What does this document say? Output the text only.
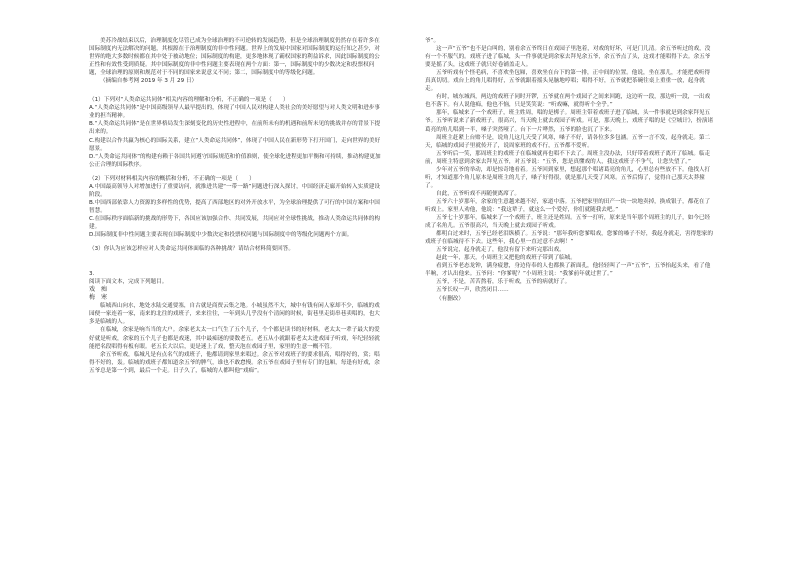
美苏冷战结束以后，治理制度化尽管已成为全球治理的不可逆转的发展趋势，但是全球治理制度仍然存在着许多在国际制度内无法解决的问题，其根源在于治理制度的非中性问题。世界上的发展中国家对国际制度的运行知之甚少，对世界的绝大多数时候都在其中处于被动地位；国际制度的构建，更多地体现了霸权国家的利益诉求，因此国际制度的公正性和有效性受到质疑。其中国际制度的非中性问题主要表现在两个方面：第一，国际制度中的少数决定和投票权问题，全球治理的原则和规范对于不同的国家来说意义不同；第二，国际制度中的等级化问题。

（摘编自参考网 2019 年 3 月 29 日）

（1）下列对“人类命运共同体”相关内容的理解和分析，不正确的一项是（　　）

A.“人类命运共同体”是中国高级领导人最早提出的，体现了中国人民对构建人类社会的美好愿望与对人类文明和进步事业的担当精神。

B.“人类命运共同体”是在世界格局发生深刻变化的历史性进程中，在前所未有的机遇和前所未见的挑战并存的背景下提出来的。

C.构建以合作共赢为核心的国际关系，建立“人类命运共同体”，体现了中国人民在新形势下打开国门，走向世界的美好愿景。

D.“人类命运共同体”的构建有赖于各国共同遵守国际规范和价值准则，使全球化进程更加平衡和可持续，推动构建更加公正合理的国际秩序。

（2）下列对材料相关内容的概括和分析，不正确的一项是（　　）

A.中国最高领导人对增加进行了重要访问，就推进共建“一带一路”问题进行深入探讨，中国经济走廊开始转入实质建设阶段。

B.中国西部依靠人力资源的多样性的优势，提高了西部地区的对外开放水平，为全球治理提供了可行的中国方案和中国智慧。

C.在国际秩序面临新的挑战的形势下，各国应该加强合作、共同发展，共同应对全球性挑战，推动人类命运共同体的构建。

D.国际制度非中性问题主要表现在国际制度中少数决定和投票权问题与国际制度中的等级化问题两个方面。

（3）你认为应该怎样应对人类命运共同体面临的各种挑战？请结合材料简要回答。

3.

阅读下面文本，完成下列题目。

戏　痴

梅　寒

临城西山向水，地处水陆交通要塞，自古就是商贾云集之地。小城虽然不大，城中有钱有闲人家却不少，临城的戏园便一家连着一家，南来的北往的戏班子，来来往往，一年到头几乎没有个清闲的时候，街巷里走街串巷卖唱的，也大多是临城的人。

在临城，余家是响当当的大户。余家老太太一口气生了五个儿子，个个都是读书的好材料。老太太一辈子最大的爱好就是听戏，余家的五个儿子也都是戏迷，其中最痴迷的要数老五。老五从小就跟着老太太进戏园子听戏，年纪轻轻就能把名段唱得有板有眼。老五长大以后，更是迷上了戏，整天泡在戏园子里，家里的生意一概不管。

余五爷听戏，临城凡是有点名气的戏班子，他都请到家里来唱过。余五爷对戏班子的要求很高，唱得好的，赏；唱得不好的，轰。临城的戏班子都知道余五爷的脾气，谁也不敢怠慢。余五爷在戏园子里有专门的包厢，每逢有好戏，余五爷总是第一个到，最后一个走。日子久了，临城的人都叫他“戏痴”。

爷”。

这一声“五爷”也不是白叫的，别看余五爷终日在戏园子里泡着，对戏的好坏，可是门儿清。余五爷听过的戏，没有一个不服气的。戏班子进了临城，头一件事就是到余家去拜见余五爷，余五爷点了头，这戏才能唱得下去。余五爷要是摇了头，这戏班子就只好卷铺盖走人。

五爷听戏有个怪毛病，不喜欢坐包厢，喜欢坐在台下的第一排，正中间的位置。他说，坐在那儿，才能把戏听得真真切切。戏台上的角儿唱得好，五爷就跟着摇头晃脑地哼唱；唱得不好，五爷就把茶碗往桌上重重一放，起身就走。

有时，城东城西，两边的戏班子同时开锣，五爷就在两个戏园子之间来回跑，这边听一段，那边听一段，一出戏也不落下。有人说他痴，他也不恼，只是笑笑说：“听戏嘛，就得听个全乎。”

那年，临城来了一个戏班子，班主姓周，唱的是梆子。周班主带着戏班子进了临城，头一件事就是到余家拜见五爷。五爷听说来了新戏班子，很高兴，当天晚上就去戏园子听戏。可是，那天晚上，戏班子唱的是《空城计》，扮演诸葛亮的角儿唱到一半，嗓子突然哑了。台下一片哗然，五爷的脸也沉了下来。

周班主赶紧上台赔不是，说角儿这几天受了风寒，嗓子不好，请各位多多包涵。五爷一言不发，起身就走。第二天，临城的戏园子里就传开了，说周家班的戏不行，五爷都不爱听。

五爷听后一笑，那周班主的戏班子在临城就再也唱不下去了。周班主没办法，只好带着戏班子离开了临城。临走前，周班主特意到余家去拜见五爷，对五爷说：“五爷，您是真懂戏的人，我这戏班子不争气，让您失望了。”

少年对五爷的举动，却是惊奇地看着。五爷回到家里，想起那个唱诸葛亮的角儿，心里总有些放不下。他找人打听，才知道那个角儿原本是周班主的儿子，嗓子好得很，就是那几天受了风寒。五爷后悔了，觉得自己那天太莽撞了。

自此，五爷听戏不再随便离席了。

五爷六十岁那年，余家的生意越来越不好，家道中落。五爷把家里的田产一块一块地卖掉，换成银子，都花在了听戏上。家里人劝他，他说：“我这辈子，就这么一个爱好，你们就随我去吧。”

五爷七十岁那年，临城来了一个戏班子，班主还是姓周。五爷一打听，原来是当年那个周班主的儿子，如今已经成了名角儿。五爷很高兴，当天晚上就去戏园子听戏。

都明白过来时，五爷已经老泪纵横了。五爷说：“那年我听您爹唱戏，您爹的嗓子不好，我起身就走，害得您家的戏班子在临城待不下去。这些年，我心里一直过意不去啊！”

五爷说完，起身就走了，他没有留下来听完那出戏。

赵此一年，那天，小周班主又把他的戏班子带到了临城。

看到五爷老态龙钟，满身疲惫，身边侍奉的人也都换了新面孔，他轻轻叫了一声“五爷”，五爷抬起头来，看了他半晌，才认出他来。五爷问：“你爹呢？”小周班主说：“我爹前年就过世了。”

五爷，不是，苦苦熬着，乐于听戏，五爷的病就好了。

五爷长叹一声，欣然闭目……

（有删改）
